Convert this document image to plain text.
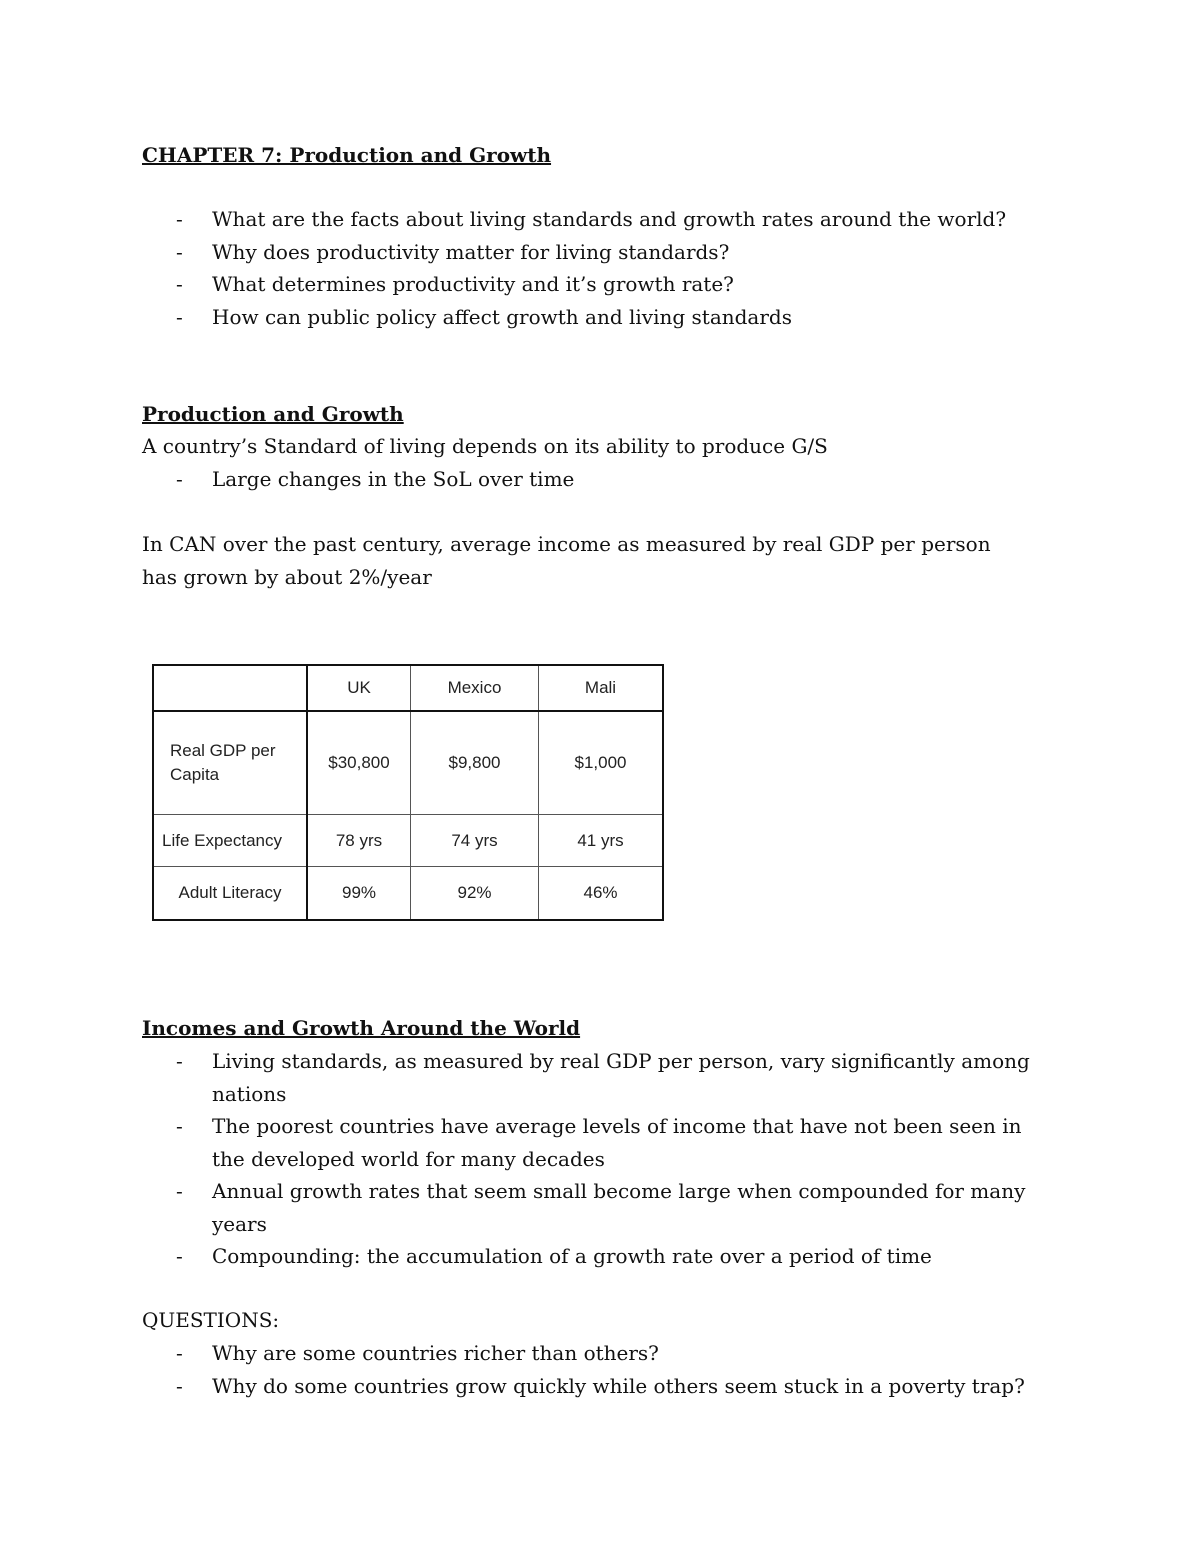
CHAPTER 7: Production and Growth
- What are the facts about living standards and growth rates around the world?
- Why does productivity matter for living standards?
- What determines productivity and it’s growth rate?
- How can public policy affect growth and living standards
Production and Growth
A country’s Standard of living depends on its ability to produce G/S
- Large changes in the SoL over time
In CAN over the past century, average income as measured by real GDP per person has grown by about 2%/year
	UK	Mexico	Mali
Real GDP per Capita	$30,800	$9,800	$1,000
Life Expectancy	78 yrs	74 yrs	41 yrs
Adult Literacy	99%	92%	46%
Incomes and Growth Around the World
- Living standards, as measured by real GDP per person, vary significantly among nations
- The poorest countries have average levels of income that have not been seen in the developed world for many decades
- Annual growth rates that seem small become large when compounded for many years
- Compounding: the accumulation of a growth rate over a period of time
QUESTIONS:
- Why are some countries richer than others?
- Why do some countries grow quickly while others seem stuck in a poverty trap?
